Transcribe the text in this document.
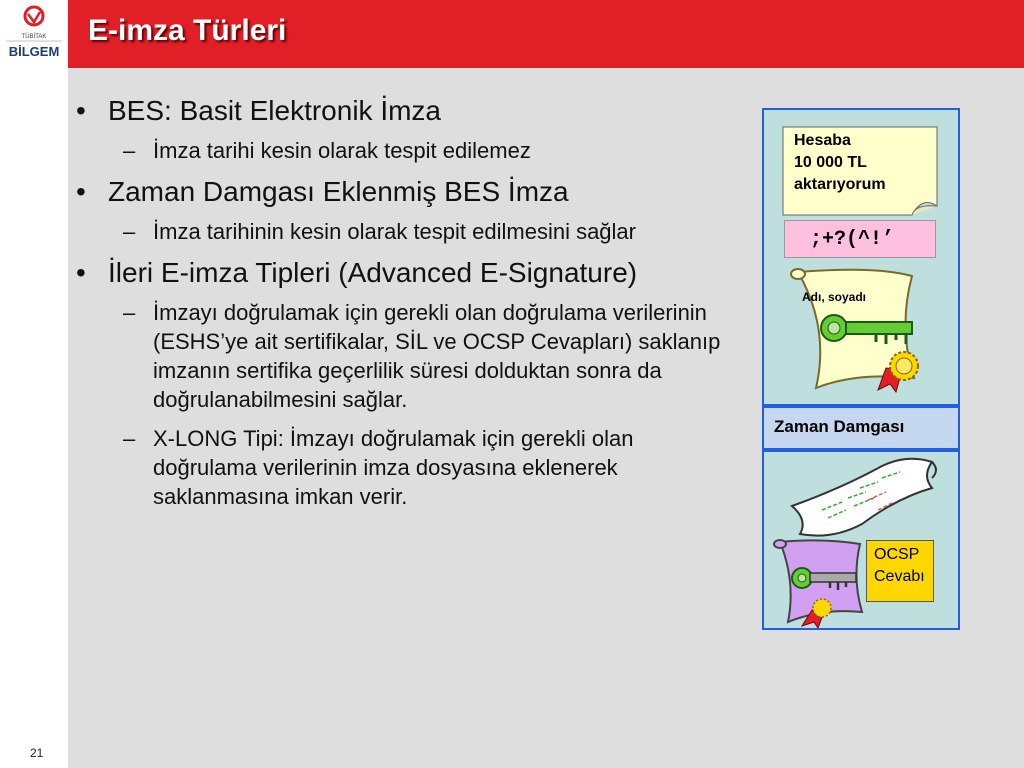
TÜBİTAK
BİLGEM
E-imza Türleri
• BES: Basit Elektronik İmza
– İmza tarihi kesin olarak tespit edilemez
• Zaman Damgası Eklenmiş BES İmza
– İmza tarihinin kesin olarak tespit edilmesini sağlar
• İleri E-imza Tipleri (Advanced E-Signature)
– İmzayı doğrulamak için gerekli olan doğrulama verilerinin (ESHS’ye ait sertifikalar, SİL ve OCSP Cevapları) saklanıp imzanın sertifika geçerlilik süresi dolduktan sonra da doğrulanabilmesini sağlar.
– X-LONG Tipi: İmzayı doğrulamak için gerekli olan doğrulama verilerinin imza dosyasına eklenerek saklanmasına imkan verir.
21
Zaman Damgası
Hesaba
10 000 TL
aktarıyorum
;+?(^!’
Adı, soyadı
OCSP
Cevabı
